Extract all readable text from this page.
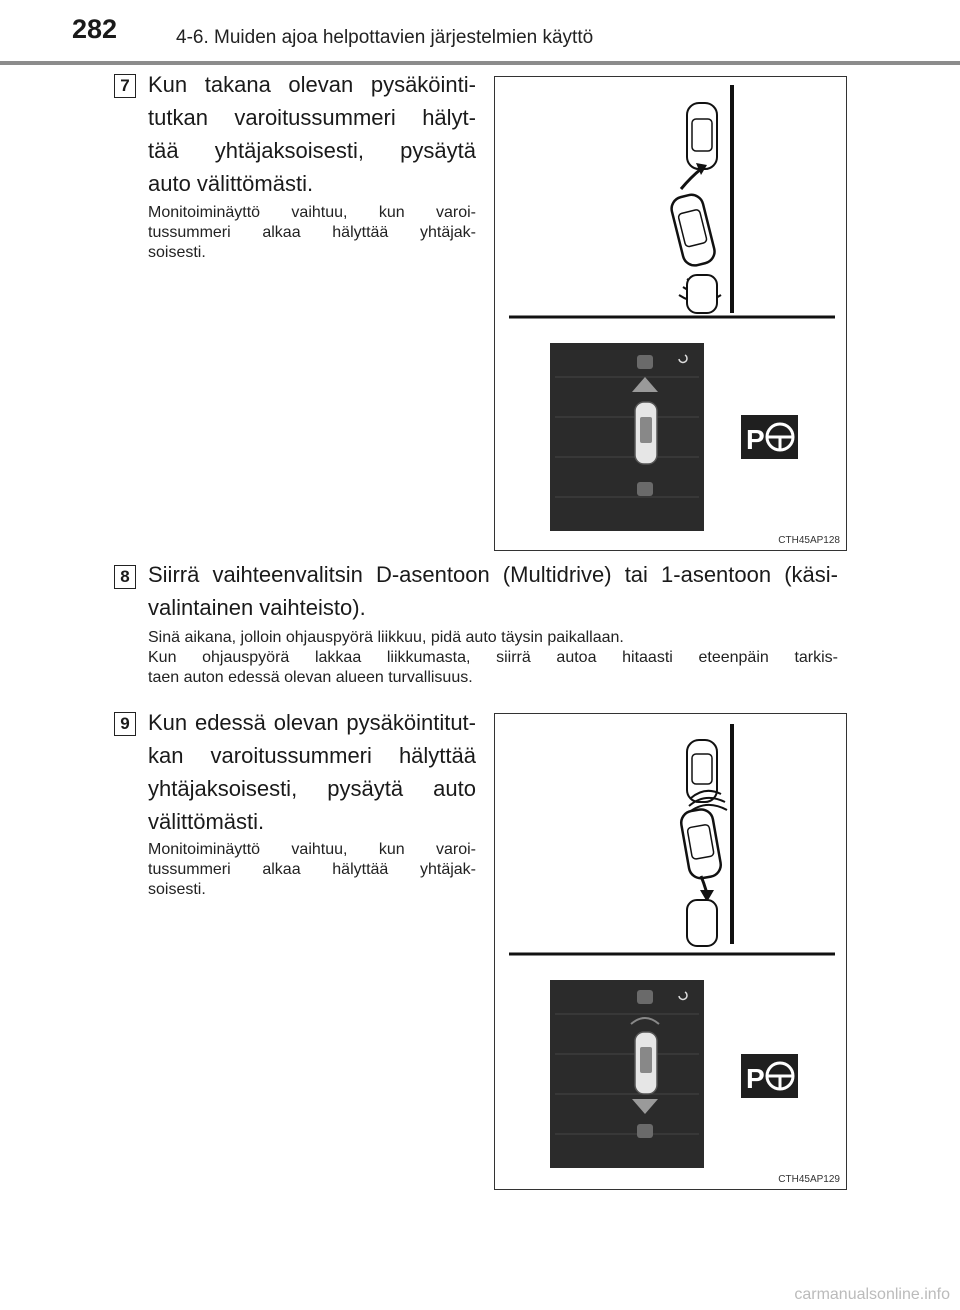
282	4-6. Muiden ajoa helpottavien järjestelmien käyttö
7 Kun takana olevan pysäköinti-
tutkan varoitussummeri hälyt-
tää yhtäjaksoisesti, pysäytä
auto välittömästi.
Monitoiminäyttö vaihtuu, kun varoi-
tussummeri alkaa hälyttää yhtäjak-
soisesti.
P
CTH45AP128
8 Siirrä vaihteenvalitsin D-asentoon (Multidrive) tai 1-asentoon (käsi-
valintainen vaihteisto).
Sinä aikana, jolloin ohjauspyörä liikkuu, pidä auto täysin paikallaan.
Kun ohjauspyörä lakkaa liikkumasta, siirrä autoa hitaasti eteenpäin tarkis-
taen auton edessä olevan alueen turvallisuus.
9 Kun edessä olevan pysäköintitut-
kan varoitussummeri hälyttää
yhtäjaksoisesti, pysäytä auto
välittömästi.
Monitoiminäyttö vaihtuu, kun varoi-
tussummeri alkaa hälyttää yhtäjak-
soisesti.
P
CTH45AP129
carmanualsonline.info
